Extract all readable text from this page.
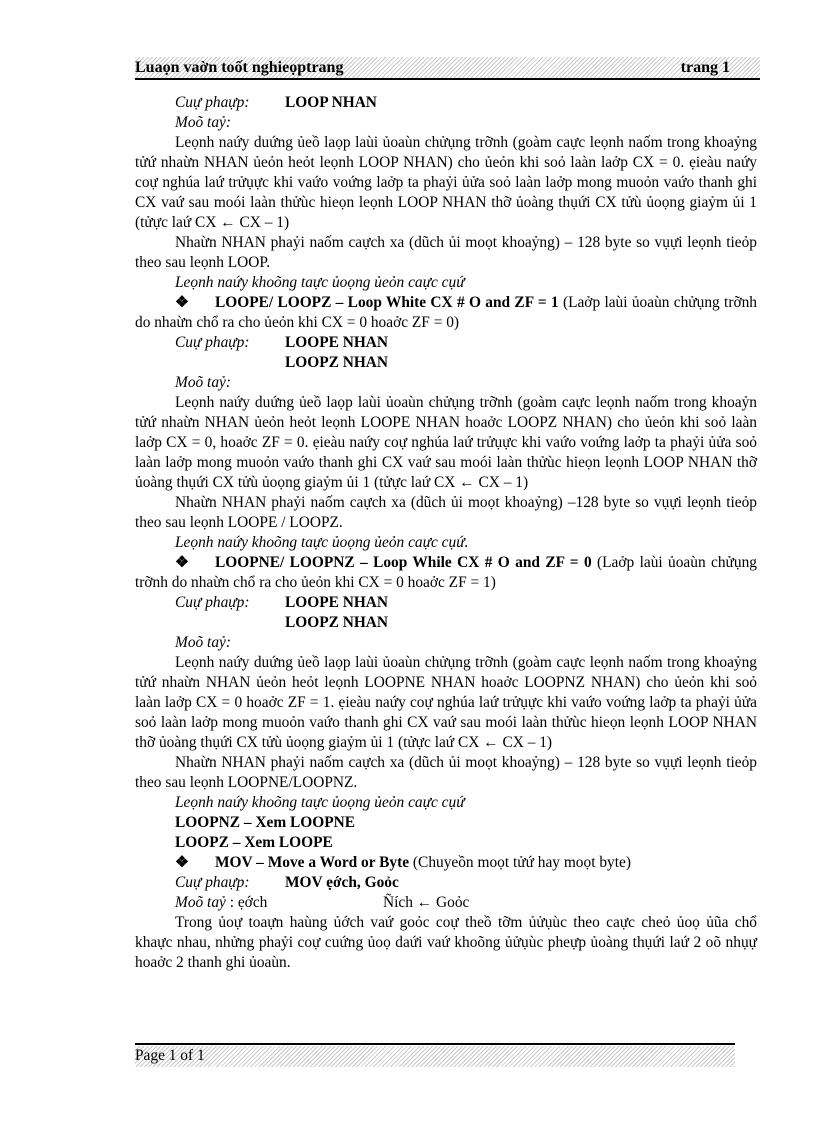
Luaọn vaờn toốt nghieọptrang	trang 1
Cuự phaựp:	LOOP NHAN

Moõ taỷ:

Leọnh naứy duứng ủeồ laọp laùi ủoaùn chửụng trỡnh (goàm caực leọnh naốm trong khoaỷng tửứ nhaừn NHAN ủeỏn heỏt leọnh LOOP NHAN) cho ủeỏn khi soỏ laàn laởp CX = 0. ẹieàu naứy coự nghúa laứ trửụực khi vaứo voứng laởp ta phaỷi ủửa soỏ laàn laởp mong muoỏn vaứo thanh ghi CX vaứ sau moói laàn thửùc hieọn leọnh LOOP NHAN thỡ ủoàng thụứi CX tửù ủoọng giaỷm ủi 1 (tửực laứ CX ← CX – 1)

Nhaừn NHAN phaỷi naốm caựch xa (dũch ủi moọt khoaỷng) – 128 byte so vụựi leọnh tieỏp theo sau leọnh LOOP.

Leọnh naứy khoõng taực ủoọng ủeỏn caực cụứ

❖ LOOPE/ LOOPZ – Loop White CX # O and ZF = 1 (Laởp laùi ủoaùn chửụng trỡnh do nhaừn chổ ra cho ủeỏn khi CX = 0 hoaởc ZF = 0)

Cuự phaựp:	LOOPE NHAN

LOOPZ NHAN

Moõ taỷ:

Leọnh naứy duứng ủeồ laọp laùi ủoaùn chửụng trỡnh (goàm caực leọnh naốm trong khoaỷn tửứ nhaừn NHAN ủeỏn heỏt leọnh LOOPE NHAN hoaởc LOOPZ NHAN) cho ủeỏn khi soỏ laàn laởp CX = 0, hoaởc ZF = 0. ẹieàu naứy coự nghúa laứ trửụực khi vaứo voứng laởp ta phaỷi ủửa soỏ laàn laởp mong muoỏn vaứo thanh ghi CX vaứ sau moói laàn thửùc hieọn leọnh LOOP NHAN thỡ ủoàng thụứi CX tửù ủoọng giaỷm ủi 1 (tửực laứ CX ← CX – 1)

Nhaừn NHAN phaỷi naốm caựch xa (dũch ủi moọt khoaỷng) –128 byte so vụựi leọnh tieỏp theo sau leọnh LOOPE / LOOPZ.

Leọnh naứy khoõng taực ủoọng ủeỏn caực cụứ.

❖ LOOPNE/ LOOPNZ – Loop While CX # O and ZF = 0 (Laởp laùi ủoaùn chửụng trỡnh do nhaừn chổ ra cho ủeỏn khi CX = 0 hoaởc ZF = 1)

Cuự phaựp:	LOOPE NHAN

LOOPZ NHAN

Moõ taỷ:

Leọnh naứy duứng ủeồ laọp laùi ủoaùn chửụng trỡnh (goàm caực leọnh naốm trong khoaỷng tửứ nhaừn NHAN ủeỏn heỏt leọnh LOOPNE NHAN hoaởc LOOPNZ NHAN) cho ủeỏn khi soỏ laàn laởp CX = 0 hoaởc ZF = 1. ẹieàu naứy coự nghúa laứ trửụực khi vaứo voứng laởp ta phaỷi ủửa soỏ laàn laởp mong muoỏn vaứo thanh ghi CX vaứ sau moói laàn thửùc hieọn leọnh LOOP NHAN thỡ ủoàng thụứi CX tửù ủoọng giaỷm ủi 1 (tửực laứ CX ← CX – 1)

Nhaừn NHAN phaỷi naốm caựch xa (dũch ủi moọt khoaỷng) – 128 byte so vụựi leọnh tieỏp theo sau leọnh LOOPNE/LOOPNZ.

Leọnh naứy khoõng taực ủoọng ủeỏn caực cụứ

LOOPNZ – Xem LOOPNE

LOOPZ – Xem LOOPE

❖ MOV – Move a Word or Byte (Chuyeồn moọt tửứ hay moọt byte)

Cuự phaựp:	MOV ẹớch, Goỏc
Moõ taỷ : ẹớch	Ñích ← Goỏc

Trong ủoự toaựn haùng ủớch vaứ goỏc coự theồ tỡm ủửụùc theo caực cheỏ ủoọ ủũa chổ khaực nhau, nhửng phaỷi coự cuứng ủoọ daứi vaứ khoõng ủửụùc pheựp ủoàng thụứi laứ 2 oõ nhụự hoaởc 2 thanh ghi ủoaùn.

Page 1 of 1
